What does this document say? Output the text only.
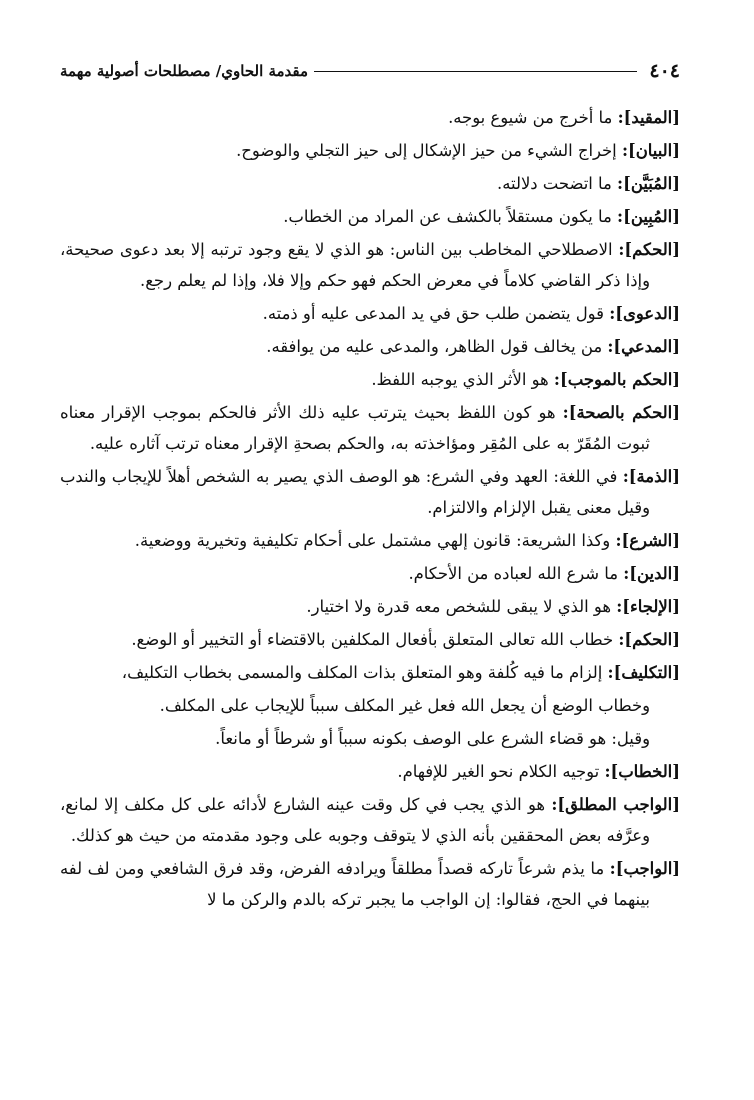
٤٠٤
مقدمة الحاوي/ مصطلحات أصولية مهمة

[المقيد]: ما أخرج من شيوع بوجه.

[البيان]: إخراج الشيء من حيز الإشكال إلى حيز التجلي والوضوح.

[المُبَيَّن]: ما اتضحت دلالته.

[المُبِين]: ما يكون مستقلاً بالكشف عن المراد من الخطاب.

[الحكم]: الاصطلاحي المخاطب بين الناس: هو الذي لا يقع وجود ترتبه إلا بعد دعوى صحيحة، وإذا ذكر القاضي كلاماً في معرض الحكم فهو حكم وإلا فلا، وإذا لم يعلم رجع.

[الدعوى]: قول يتضمن طلب حق في يد المدعى عليه أو ذمته.

[المدعي]: من يخالف قول الظاهر، والمدعى عليه من يوافقه.

[الحكم بالموجب]: هو الأثر الذي يوجبه اللفظ.

[الحكم بالصحة]: هو كون اللفظ بحيث يترتب عليه ذلك الأثر فالحكم بموجب الإقرار معناه ثبوت المُقَرّ به على المُقِر ومؤاخذته به، والحكم بصحةِ الإقرار معناه ترتب آثاره عليه.

[الذمة]: في اللغة: العهد وفي الشرع: هو الوصف الذي يصير به الشخص أهلاً للإيجاب والندب وقيل معنى يقبل الإلزام والالتزام.

[الشرع]: وكذا الشريعة: قانون إلهي مشتمل على أحكام تكليفية وتخيرية ووضعية.

[الدين]: ما شرع الله لعباده من الأحكام.

[الإلجاء]: هو الذي لا يبقى للشخص معه قدرة ولا اختيار.

[الحكم]: خطاب الله تعالى المتعلق بأفعال المكلفين بالاقتضاء أو التخيير أو الوضع.

[التكليف]: إلزام ما فيه كُلفة وهو المتعلق بذات المكلف والمسمى بخطاب التكليف،

وخطاب الوضع أن يجعل الله فعل غير المكلف سبباً للإيجاب على المكلف.

وقيل: هو قضاء الشرع على الوصف بكونه سبباً أو شرطاً أو مانعاً.

[الخطاب]: توجيه الكلام نحو الغير للإفهام.

[الواجب المطلق]: هو الذي يجب في كل وقت عينه الشارع لأدائه على كل مكلف إلا لمانع، وعرَّفه بعض المحققين بأنه الذي لا يتوقف وجوبه على وجود مقدمته من حيث هو كذلك.

[الواجب]: ما يذم شرعاً تاركه قصداً مطلقاً ويرادفه الفرض، وقد فرق الشافعي ومن لف لفه بينهما في الحج، فقالوا: إن الواجب ما يجبر تركه بالدم والركن ما لا
